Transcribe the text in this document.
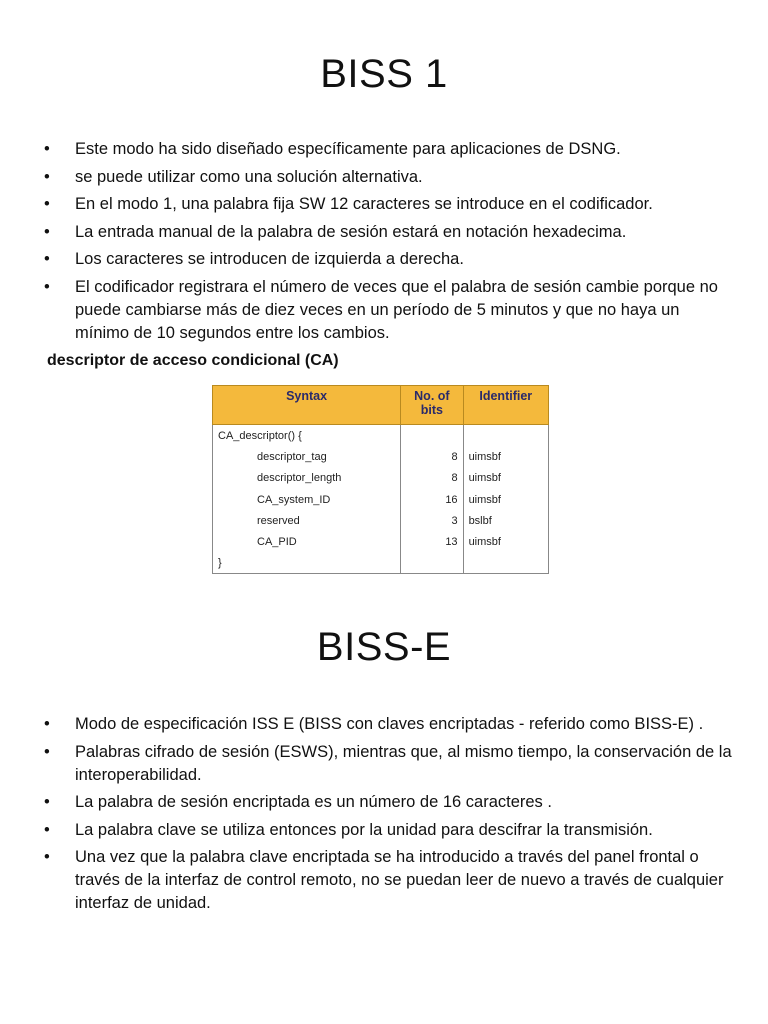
BISS 1
• Este modo ha sido diseñado específicamente para aplicaciones de DSNG.
• se puede utilizar como una solución alternativa.
• En el modo 1, una palabra fija SW 12 caracteres se introduce en el codificador.
• La entrada manual de la palabra de sesión estará en notación hexadecima.
• Los caracteres se introducen de izquierda a derecha.
• El codificador registrara el número de veces que el palabra de sesión cambie porque no puede cambiarse más de diez veces en un período de 5 minutos y que no haya un mínimo de 10 segundos entre los cambios.

descriptor de acceso condicional (CA)

Syntax	No. of bits	Identifier
CA_descriptor() {		
descriptor_tag	8	uimsbf
descriptor_length	8	uimsbf
CA_system_ID	16	uimsbf
reserved	3	bslbf
CA_PID	13	uimsbf
}		
BISS-E
• Modo de especificación ISS E (BISS con claves encriptadas - referido como BISS-E) .
• Palabras cifrado de sesión (ESWS), mientras que, al mismo tiempo, la conservación de la interoperabilidad.
• La palabra de sesión encriptada es un número de 16 caracteres .
• La palabra clave se utiliza entonces por la unidad para descifrar la transmisión.
• Una vez que la palabra clave encriptada se ha introducido a través del panel frontal o través de la interfaz de control remoto, no se puedan leer de nuevo a través de cualquier interfaz de unidad.
